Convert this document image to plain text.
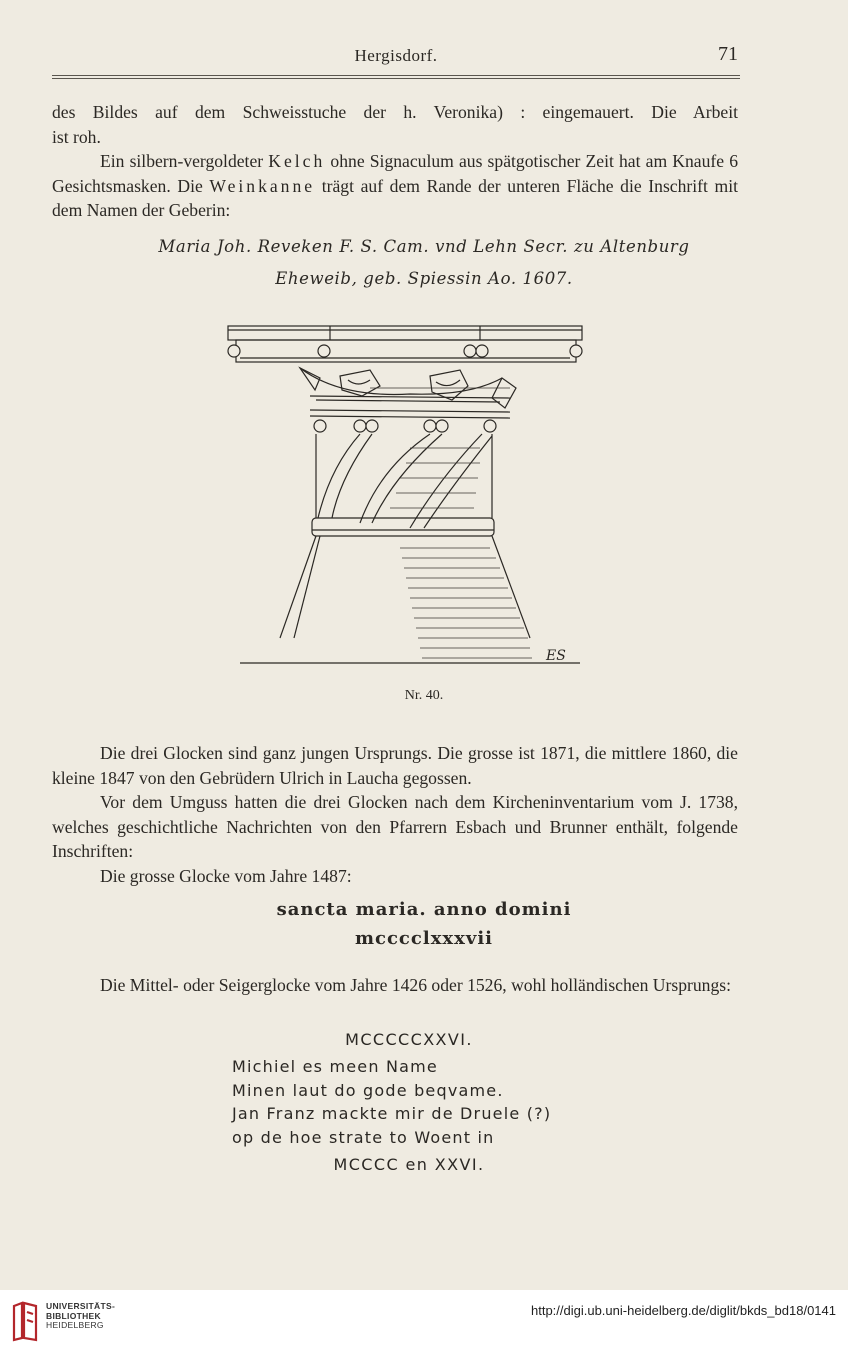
Hergisdorf.	71

des Bildes auf dem Schweisstuche der h. Veronika) : eingemauert. Die Arbeit

ist roh.

Ein silbern-vergoldeter Kelch ohne Signaculum aus spätgotischer Zeit hat am Knaufe 6 Gesichtsmasken. Die Weinkanne trägt auf dem Rande der unteren Fläche die Inschrift mit dem Namen der Geberin:

Maria Joh. Reveken F. S. Cam. vnd Lehn Secr. zu Altenburg
Eheweib, geb. Spiessin Ao. 1607.
ES
Nr. 40.

Die drei Glocken sind ganz jungen Ursprungs. Die grosse ist 1871, die mittlere 1860, die kleine 1847 von den Gebrüdern Ulrich in Laucha gegossen.

Vor dem Umguss hatten die drei Glocken nach dem Kircheninventarium vom J. 1738, welches geschichtliche Nachrichten von den Pfarrern Esbach und Brunner enthält, folgende Inschriften:

Die grosse Glocke vom Jahre 1487:

sancta maria. anno domini
mcccclxxxvii

Die Mittel- oder Seigerglocke vom Jahre 1426 oder 1526, wohl holländischen Ursprungs:

MCCCCCXXVI.
Michiel es meen Name
Minen laut do gode beqvame.
Jan Franz mackte mir de Druele (?)
op de hoe strate to Woent in
MCCCC en XXVI.
UNIVERSITÄTS-
BIBLIOTHEK
HEIDELBERG
http://digi.ub.uni-heidelberg.de/diglit/bkds_bd18/0141
